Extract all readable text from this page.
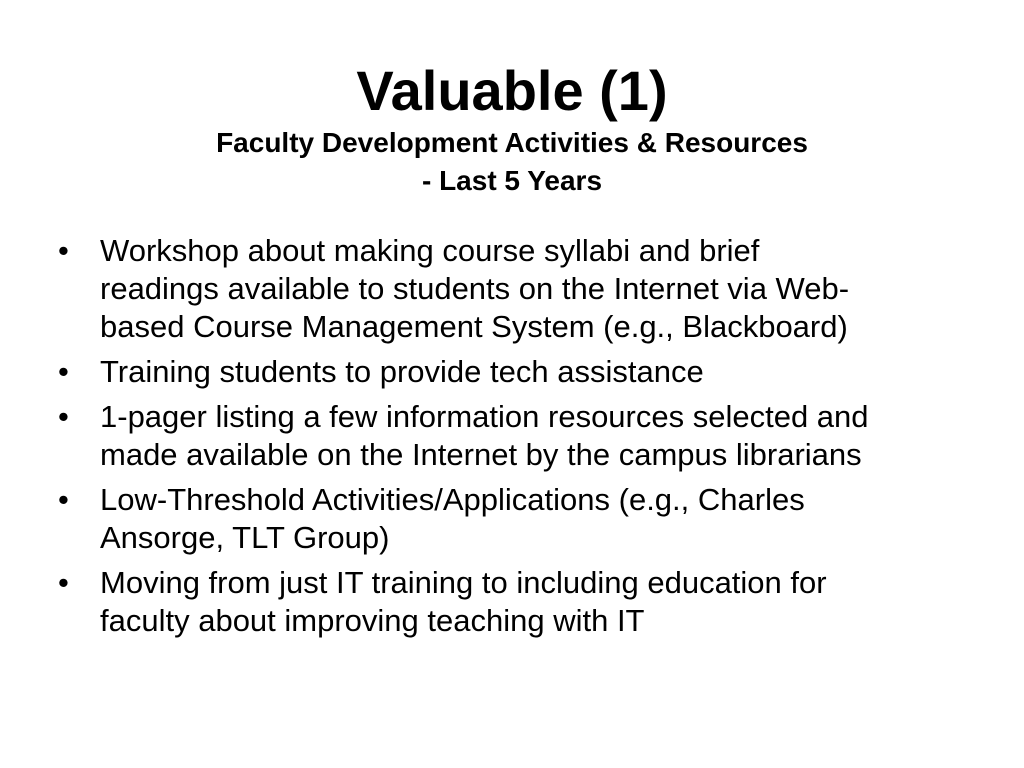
Valuable (1)
Faculty Development Activities & Resources
- Last 5 Years
• Workshop about making course syllabi and brief
readings available to students on the Internet via Web-
based Course Management System (e.g., Blackboard)
• Training students to provide tech assistance
• 1-pager listing a few information resources selected and
made available on the Internet by the campus librarians
• Low-Threshold Activities/Applications (e.g., Charles
Ansorge, TLT Group)
• Moving from just IT training to including education for
faculty about improving teaching with IT
